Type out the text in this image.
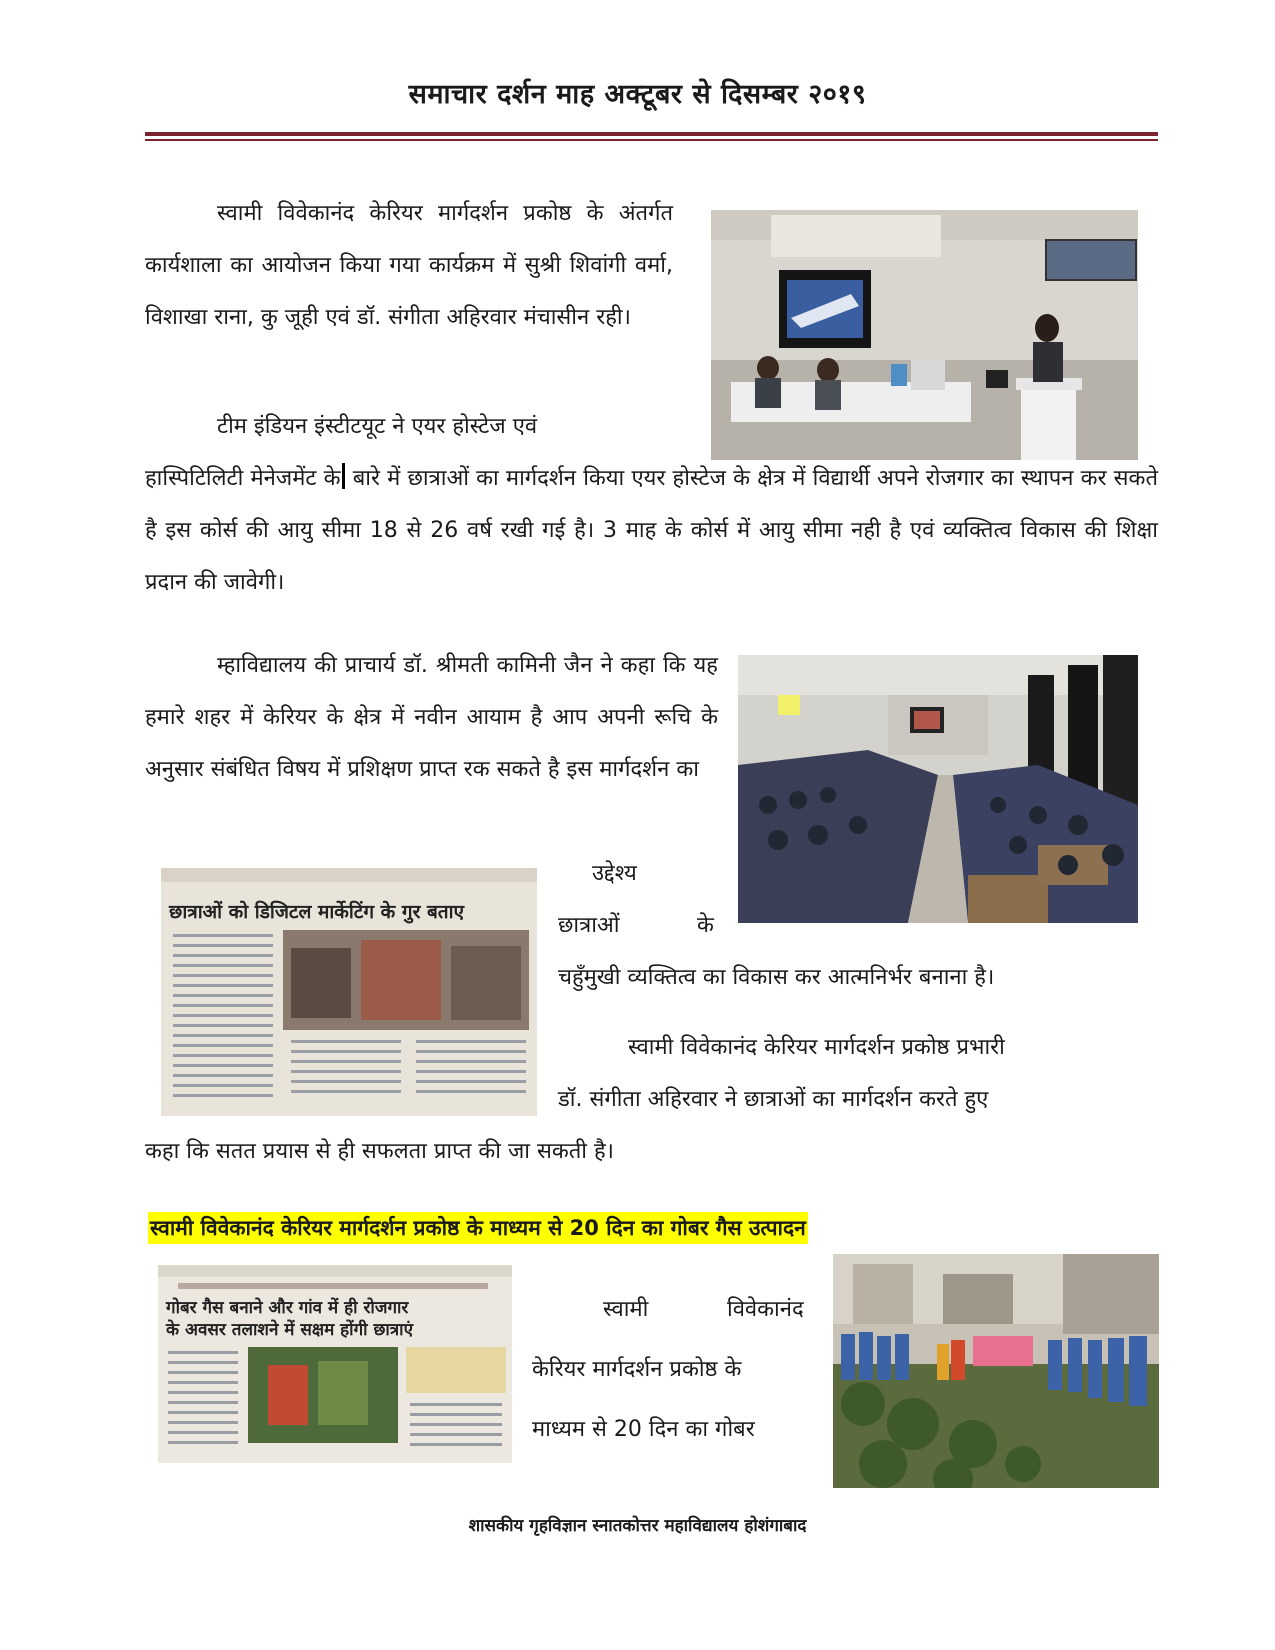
समाचार दर्शन माह अक्टूबर से दिसम्बर २०१९

स्वामी विवेकानंद केरियर मार्गदर्शन प्रकोष्ठ के अंतर्गत कार्यशाला का आयोजन किया गया कार्यक्रम में सुश्री शिवांगी वर्मा, विशाखा राना, कु जूही एवं डॉ. संगीता अहिरवार मंचासीन रही।

टीम इंडियन इंस्टीटयूट ने एयर होस्टेज एवं

हास्पिटिलिटी मेनेजमेंट के बारे में छात्राओं का मार्गदर्शन किया एयर होस्टेज के क्षेत्र में विद्यार्थी अपने रोजगार का स्थापन कर सकते है इस कोर्स की आयु सीमा 18 से 26 वर्ष रखी गई है। 3 माह के कोर्स में आयु सीमा नही है एवं व्यक्तित्व विकास की शिक्षा प्रदान की जावेगी।

म्हाविद्यालय की प्राचार्य डॉ. श्रीमती कामिनी जैन ने कहा कि यह हमारे शहर में केरियर के क्षेत्र में नवीन आयाम है आप अपनी रूचि के अनुसार संबंधित विषय में प्रशिक्षण प्राप्त रक सकते है इस मार्गदर्शन का

उद्देश्य
छात्राओं	के
चहुँमुखी व्यक्तित्व का विकास कर आत्मनिर्भर बनाना है।

स्वामी विवेकानंद केरियर मार्गदर्शन प्रकोष्ठ प्रभारी

डॉ. संगीता अहिरवार ने छात्राओं का मार्गदर्शन करते हुए
कहा कि सतत प्रयास से ही सफलता प्राप्त की जा सकती है।
छात्राओं को डिजिटल मार्केटिंग के गुर बताए
स्वामी विवेकानंद केरियर मार्गदर्शन प्रकोष्ठ के माध्यम से 20 दिन का गोबर गैस उत्पादन
स्वामी	विवेकानंद
केरियर मार्गदर्शन प्रकोष्ठ के
माध्यम से 20 दिन का गोबर
गोबर गैस बनाने और गांव में ही रोजगार
के अवसर तलाशने में सक्षम होंगी छात्राएं
शासकीय गृहविज्ञान स्नातकोत्तर महाविद्यालय होशंगाबाद
